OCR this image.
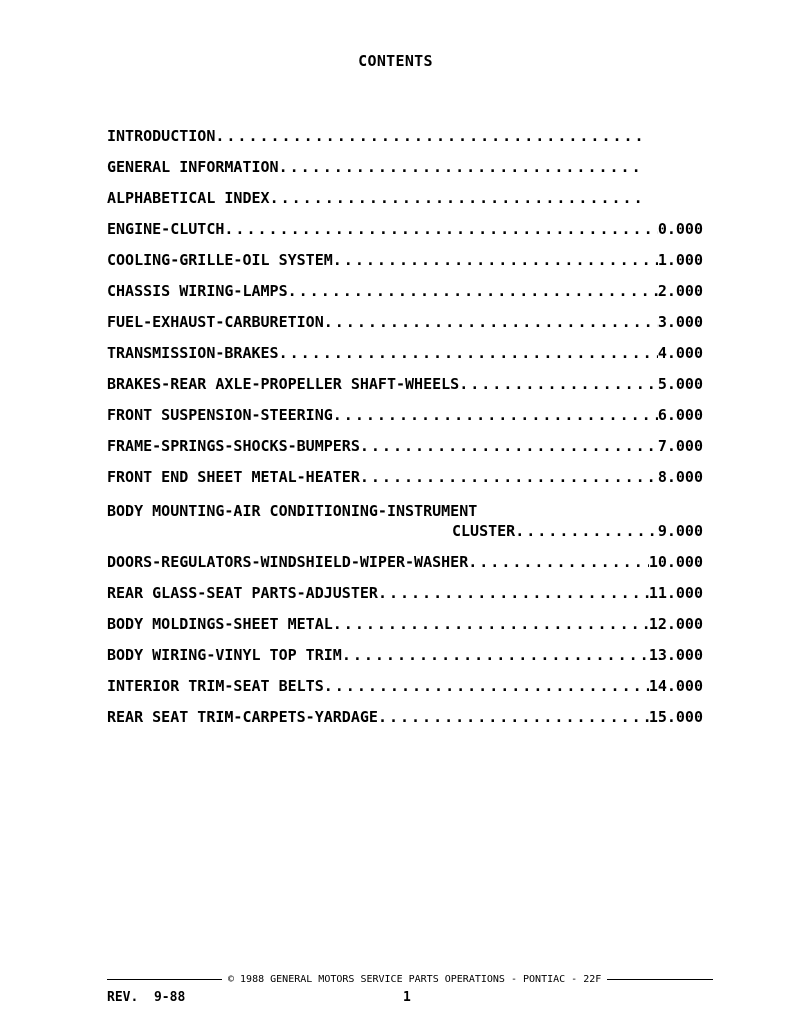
CONTENTS
INTRODUCTION
.....
GENERAL INFORMATION
.....
ALPHABETICAL INDEX
.....
ENGINE-CLUTCH .....	0.000
COOLING-GRILLE-OIL SYSTEM .....	1.000
CHASSIS WIRING-LAMPS .....	2.000
FUEL-EXHAUST-CARBURETION .....	3.000
TRANSMISSION-BRAKES .....	4.000
BRAKES-REAR AXLE-PROPELLER SHAFT-WHEELS .....	5.000
FRONT SUSPENSION-STEERING .....	6.000
FRAME-SPRINGS-SHOCKS-BUMPERS .....	7.000
FRONT END SHEET METAL-HEATER .....	8.000
BODY MOUNTING-AIR CONDITIONING-INSTRUMENT
CLUSTER .....	9.000
DOORS-REGULATORS-WINDSHIELD-WIPER-WASHER .....	10.000
REAR GLASS-SEAT PARTS-ADJUSTER .....	11.000
BODY MOLDINGS-SHEET METAL .....	12.000
BODY WIRING-VINYL TOP TRIM .....	13.000
INTERIOR TRIM-SEAT BELTS .....	14.000
REAR SEAT TRIM-CARPETS-YARDAGE .....	15.000
© 1988 GENERAL MOTORS SERVICE PARTS OPERATIONS - PONTIAC - 22F
REV.  9-88	1
